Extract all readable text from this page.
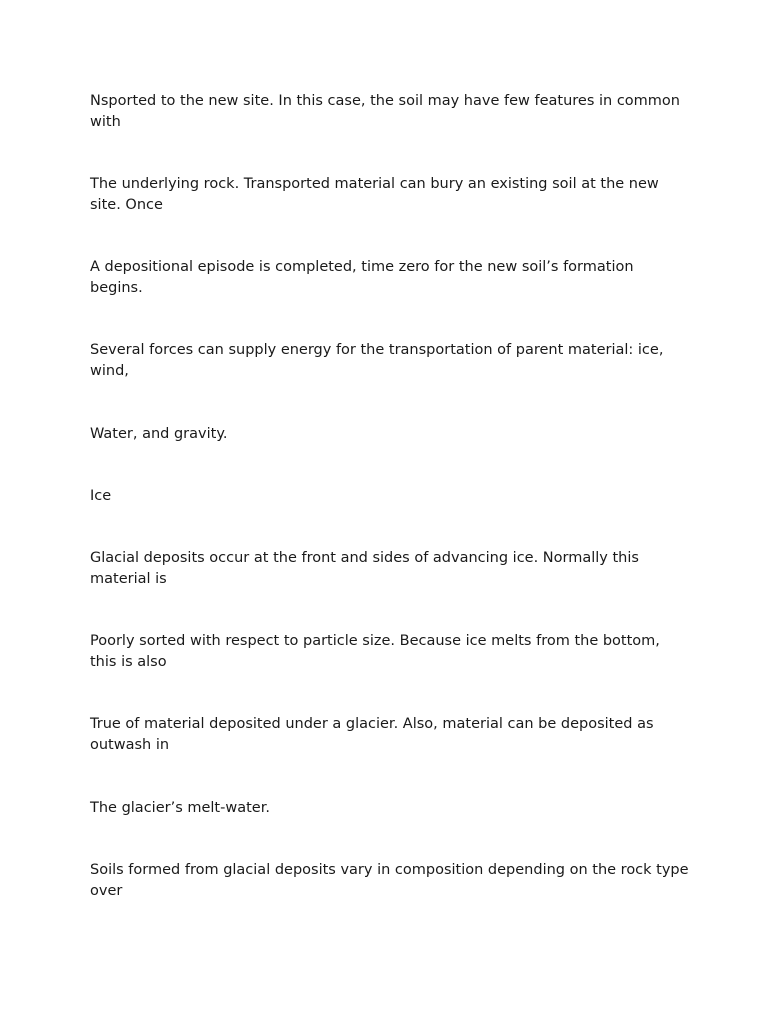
Nsported to the new site. In this case, the soil may have few features in common with

The underlying rock. Transported material can bury an existing soil at the new site. Once

A depositional episode is completed, time zero for the new soil’s formation begins.

Several forces can supply energy for the transportation of parent material: ice, wind,

Water, and gravity.

Ice

Glacial deposits occur at the front and sides of advancing ice. Normally this material is

Poorly sorted with respect to particle size. Because ice melts from the bottom, this is also

True of material deposited under a glacier. Also, material can be deposited as outwash in

The glacier’s melt-water.

Soils formed from glacial deposits vary in composition depending on the rock type over
